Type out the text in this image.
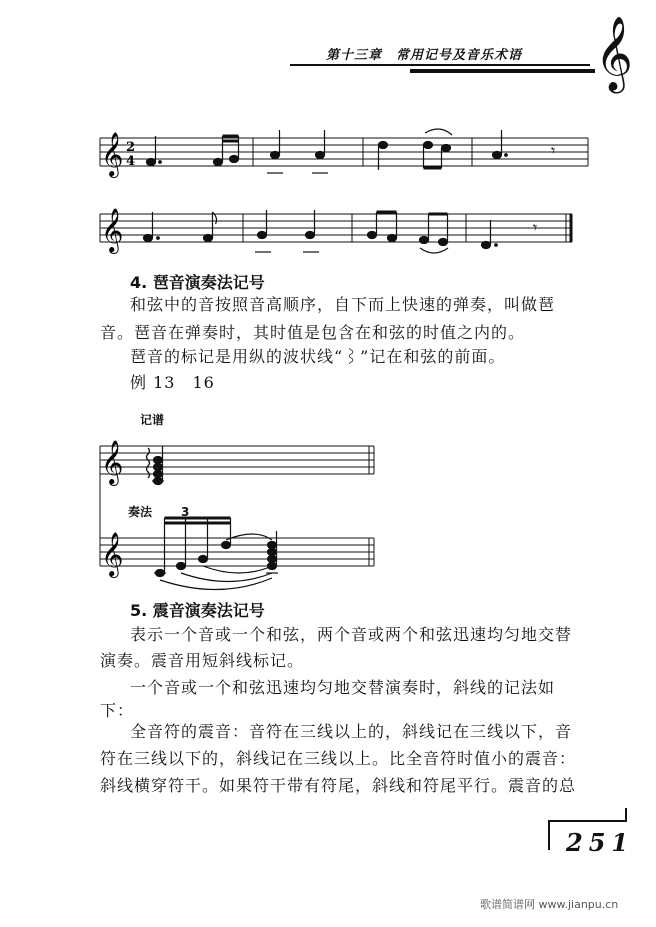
第十三章　常用记号及音乐术语 𝄞
𝄞 2
4
𝄾
𝄞	𝄾
4. 琶音演奏法记号
和弦中的音按照音高顺序，自下而上快速的弹奏，叫做琶
音。琶音在弹奏时，其时值是包含在和弦的时值之内的。
琶音的标记是用纵的波状线“⌇”记在和弦的前面。
例 13　16
记谱
奏法 3
𝄞
𝄞
5. 震音演奏法记号
表示一个音或一个和弦，两个音或两个和弦迅速均匀地交替
演奏。震音用短斜线标记。
一个音或一个和弦迅速均匀地交替演奏时，斜线的记法如
下：
全音符的震音：音符在三线以上的，斜线记在三线以下，音
符在三线以下的，斜线记在三线以上。比全音符时值小的震音：
斜线横穿符干。如果符干带有符尾，斜线和符尾平行。震音的总
251
歌谱简谱网 www.jianpu.cn
